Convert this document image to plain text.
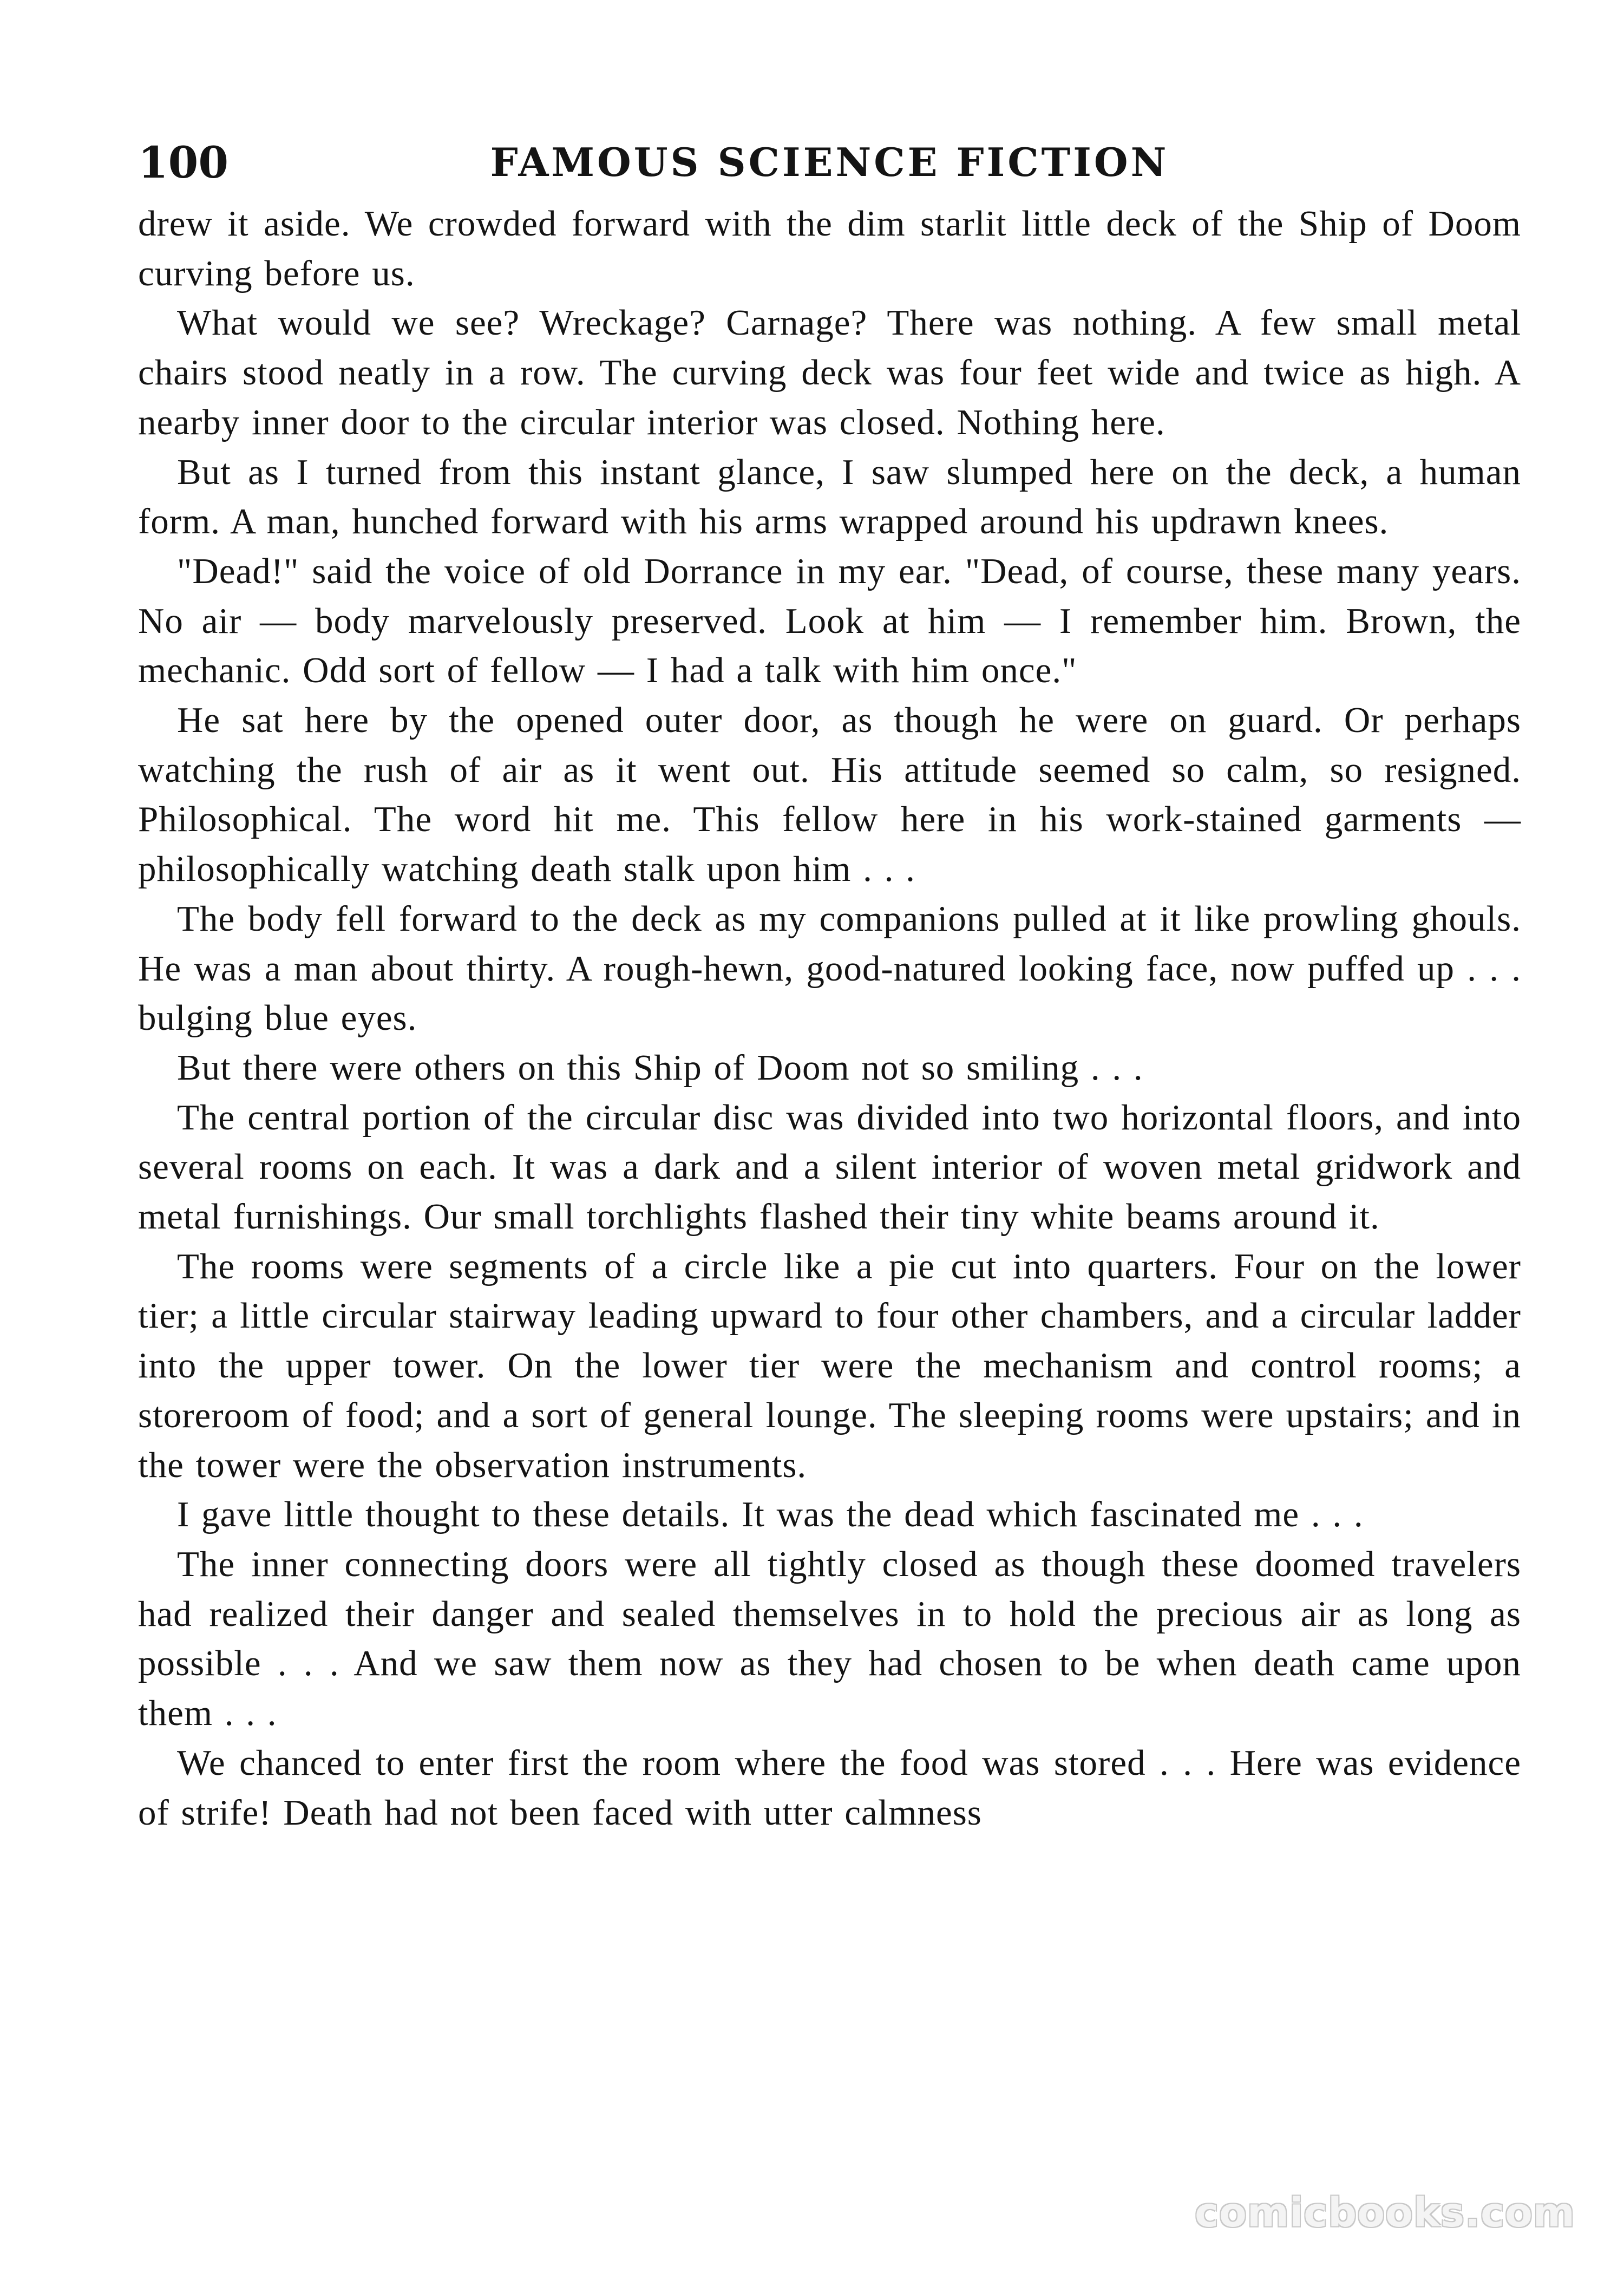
100	FAMOUS SCIENCE FICTION

drew it aside. We crowded forward with the dim starlit little deck of the Ship of Doom curving before us.

What would we see? Wreckage? Carnage? There was nothing. A few small metal chairs stood neatly in a row. The curving deck was four feet wide and twice as high. A nearby inner door to the circular interior was closed. Nothing here.

But as I turned from this instant glance, I saw slumped here on the deck, a human form. A man, hunched forward with his arms wrapped around his updrawn knees.

"Dead!" said the voice of old Dorrance in my ear. "Dead, of course, these many years. No air — body marvelously preserved. Look at him — I remember him. Brown, the mechanic. Odd sort of fellow — I had a talk with him once."

He sat here by the opened outer door, as though he were on guard. Or perhaps watching the rush of air as it went out. His attitude seemed so calm, so resigned. Philosophical. The word hit me. This fellow here in his work-stained garments — philosophically watching death stalk upon him . . .

The body fell forward to the deck as my companions pulled at it like prowling ghouls. He was a man about thirty. A rough-hewn, good-natured looking face, now puffed up . . . bulging blue eyes.

But there were others on this Ship of Doom not so smiling . . .

The central portion of the circular disc was divided into two horizontal floors, and into several rooms on each. It was a dark and a silent interior of woven metal gridwork and metal furnishings. Our small torchlights flashed their tiny white beams around it.

The rooms were segments of a circle like a pie cut into quarters. Four on the lower tier; a little circular stairway leading upward to four other chambers, and a circular ladder into the upper tower. On the lower tier were the mechanism and control rooms; a storeroom of food; and a sort of general lounge. The sleeping rooms were upstairs; and in the tower were the observation instruments.

I gave little thought to these details. It was the dead which fascinated me . . .

The inner connecting doors were all tightly closed as though these doomed travelers had realized their danger and sealed themselves in to hold the precious air as long as possible . . . And we saw them now as they had chosen to be when death came upon them . . .

We chanced to enter first the room where the food was stored . . . Here was evidence of strife! Death had not been faced with utter calmness

comicbooks.com
